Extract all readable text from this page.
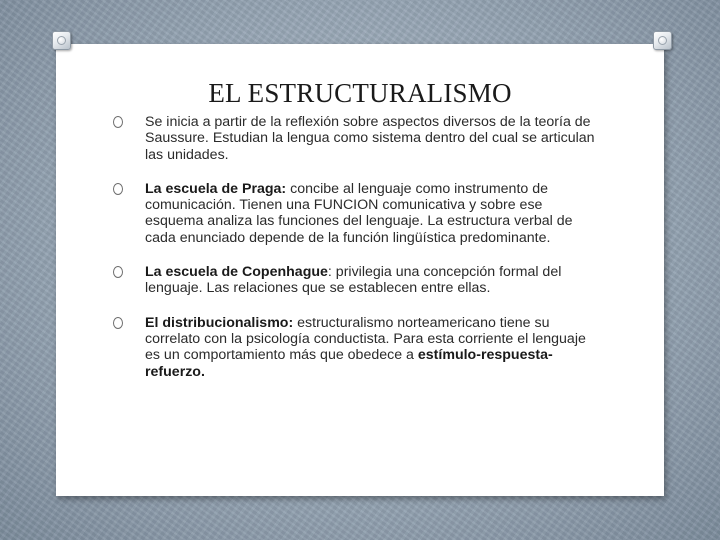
EL ESTRUCTURALISMO
Se inicia a partir de la reflexión sobre aspectos diversos de la teoría de Saussure. Estudian la lengua como sistema dentro del cual se articulan las unidades.
La escuela de Praga: concibe al lenguaje como instrumento de comunicación. Tienen una FUNCION comunicativa y sobre ese esquema analiza las funciones del lenguaje. La estructura verbal de cada enunciado depende de la función lingüística predominante.
La escuela de Copenhague: privilegia una concepción formal del lenguaje. Las relaciones que se establecen entre ellas.
El distribucionalismo: estructuralismo norteamericano tiene su correlato con la psicología conductista. Para esta corriente el lenguaje es un comportamiento más que obedece a estímulo-respuesta-refuerzo.
